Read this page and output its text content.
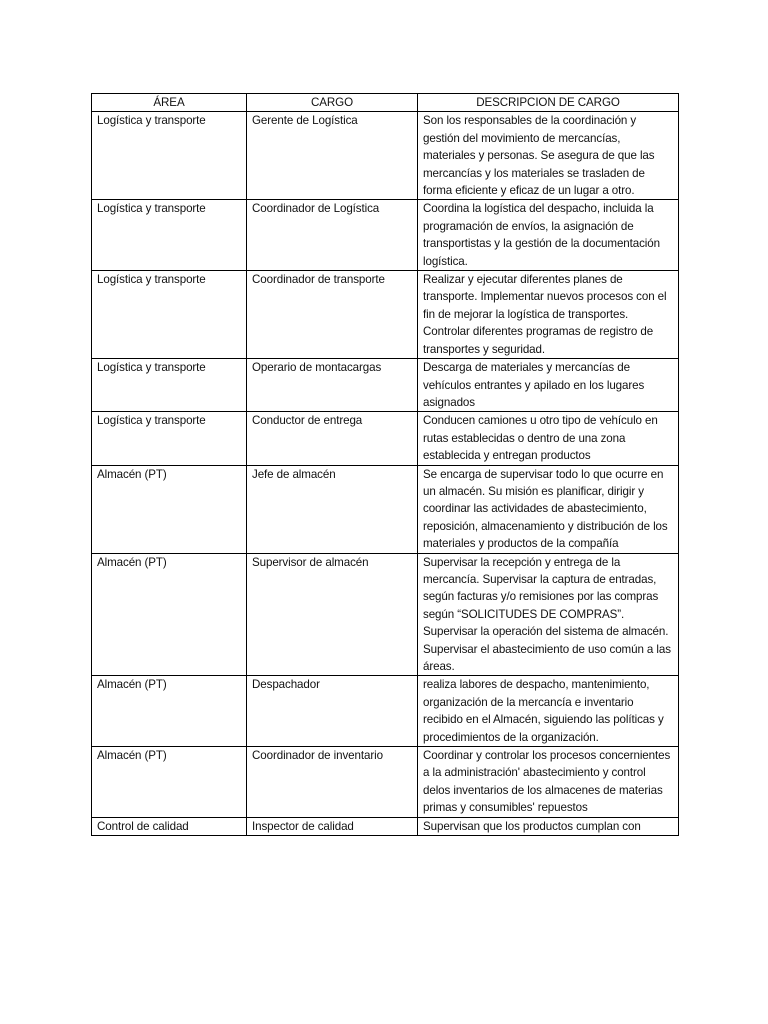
ÁREA	CARGO	DESCRIPCION DE CARGO
Logística y transporte	Gerente de Logística	Son los responsables de la coordinación y gestión del movimiento de mercancías, materiales y personas. Se asegura de que las mercancías y los materiales se trasladen de forma eficiente y eficaz de un lugar a otro.
Logística y transporte	Coordinador de Logística	Coordina la logística del despacho, incluida la programación de envíos, la asignación de transportistas y la gestión de la documentación logística.
Logística y transporte	Coordinador de transporte	Realizar y ejecutar diferentes planes de transporte. Implementar nuevos procesos con el fin de mejorar la logística de transportes. Controlar diferentes programas de registro de transportes y seguridad.
Logística y transporte	Operario de montacargas	Descarga de materiales y mercancías de vehículos entrantes y apilado en los lugares asignados
Logística y transporte	Conductor de entrega	Conducen camiones u otro tipo de vehículo en rutas establecidas o dentro de una zona establecida y entregan productos
Almacén (PT)	Jefe de almacén	Se encarga de supervisar todo lo que ocurre en un almacén. Su misión es planificar, dirigir y coordinar las actividades de abastecimiento, reposición, almacenamiento y distribución de los materiales y productos de la compañía
Almacén (PT)	Supervisor de almacén	Supervisar la recepción y entrega de la mercancía. Supervisar la captura de entradas, según facturas y/o remisiones por las compras según “SOLICITUDES DE COMPRAS”. Supervisar la operación del sistema de almacén. Supervisar el abastecimiento de uso común a las áreas.
Almacén (PT)	Despachador	realiza labores de despacho, mantenimiento, organización de la mercancía e inventario recibido en el Almacén, siguiendo las políticas y procedimientos de la organización.
Almacén (PT)	Coordinador de inventario	Coordinar y controlar los procesos concernientes a la administración' abastecimiento y control delos inventarios de los almacenes de materias primas y consumibles' repuestos
Control de calidad	Inspector de calidad	Supervisan que los productos cumplan con
